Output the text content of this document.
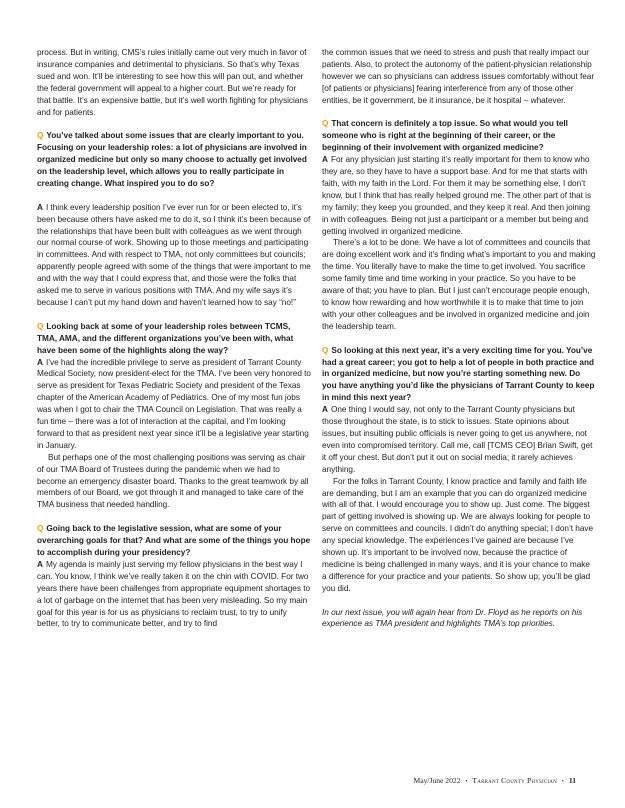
process. But in writing, CMS’s rules initially came out very much in favor of insurance companies and detrimental to physicians. So that’s why Texas sued and won. It’ll be interesting to see how this will pan out, and whether the federal government will appeal to a higher court. But we’re ready for that battle. It’s an expensive battle, but it’s well worth fighting for physicians and for patients.

Q You’ve talked about some issues that are clearly important to you. Focusing on your leadership roles: a lot of physicians are involved in organized medicine but only so many choose to actually get involved on the leadership level, which allows you to really participate in creating change. What inspired you to do so?

A I think every leadership position I’ve ever run for or been elected to, it’s been because others have asked me to do it, so I think it’s been because of the relationships that have been built with colleagues as we went through our normal course of work. Showing up to those meetings and participating in committees. And with respect to TMA, not only committees but councils; apparently people agreed with some of the things that were important to me and with the way that I could express that, and those were the folks that asked me to serve in various positions with TMA. And my wife says it’s because I can’t put my hand down and haven’t learned how to say “no!”

Q Looking back at some of your leadership roles between TCMS, TMA, AMA, and the different organizations you’ve been with, what have been some of the highlights along the way?

A I’ve had the incredible privilege to serve as president of Tarrant County Medical Society, now president-elect for the TMA. I’ve been very honored to serve as president for Texas Pediatric Society and president of the Texas chapter of the American Academy of Pediatrics. One of my most fun jobs was when I got to chair the TMA Council on Legislation. That was really a fun time – there was a lot of interaction at the capital, and I’m looking forward to that as president next year since it’ll be a legislative year starting in January.

But perhaps one of the most challenging positions was serving as chair of our TMA Board of Trustees during the pandemic when we had to become an emergency disaster board. Thanks to the great teamwork by all members of our Board, we got through it and managed to take care of the TMA business that needed handling.

Q Going back to the legislative session, what are some of your overarching goals for that? And what are some of the things you hope to accomplish during your presidency?

A My agenda is mainly just serving my fellow physicians in the best way I can. You know, I think we’ve really taken it on the chin with COVID. For two years there have been challenges from appropriate equipment shortages to a lot of garbage on the internet that has been very misleading. So my main goal for this year is for us as physicians to reclaim trust, to try to unify better, to try to communicate better, and try to find

the common issues that we need to stress and push that really impact our patients. Also, to protect the autonomy of the patient-physician relationship however we can so physicians can address issues comfortably without fear [of patients or physicians] fearing interference from any of those other entities, be it government, be it insurance, be it hospital – whatever.

Q That concern is definitely a top issue. So what would you tell someone who is right at the beginning of their career, or the beginning of their involvement with organized medicine?

A For any physician just starting it’s really important for them to know who they are, so they have to have a support base. And for me that starts with faith, with my faith in the Lord. For them it may be something else, I don’t know, but I think that has really helped ground me. The other part of that is my family; they keep you grounded, and they keep it real. And then joining in with colleagues. Being not just a participant or a member but being and getting involved in organized medicine.

There’s a lot to be done. We have a lot of committees and councils that are doing excellent work and it’s finding what’s important to you and making the time. You literally have to make the time to get involved. You sacrifice some family time and time working in your practice. So you have to be aware of that; you have to plan. But I just can’t encourage people enough, to know how rewarding and how worthwhile it is to make that time to join with your other colleagues and be involved in organized medicine and join the leadership team.

Q So looking at this next year, it’s a very exciting time for you. You’ve had a great career; you got to help a lot of people in both practice and in organized medicine, but now you’re starting something new. Do you have anything you’d like the physicians of Tarrant County to keep in mind this next year?

A One thing I would say, not only to the Tarrant County physicians but those throughout the state, is to stick to issues. State opinions about issues, but insulting public officials is never going to get us anywhere, not even into compromised territory. Call me, call [TCMS CEO] Brian Swift, get it off your chest. But don’t put it out on social media; it rarely achieves anything.

For the folks in Tarrant County, I know practice and family and faith life are demanding, but I am an example that you can do organized medicine with all of that. I would encourage you to show up. Just come. The biggest part of getting involved is showing up. We are always looking for people to serve on committees and councils. I didn’t do anything special; I don’t have any special knowledge. The experiences I’ve gained are because I’ve shown up. It’s important to be involved now, because the practice of medicine is being challenged in many ways, and it is your chance to make a difference for your practice and your patients. So show up; you’ll be glad you did.

In our next issue, you will again hear from Dr. Floyd as he reports on his experience as TMA president and highlights TMA’s top priorities.

May/June 2022 • Tarrant County Physician • 11
